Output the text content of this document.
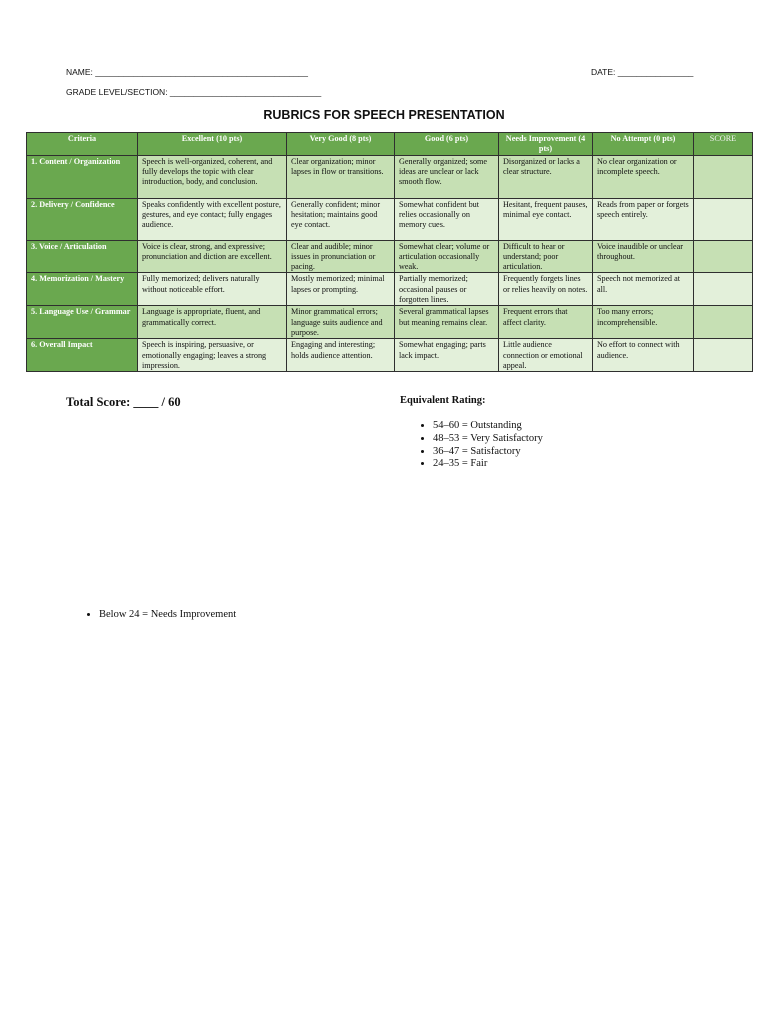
NAME: _____________________________________________	DATE: ________________
GRADE LEVEL/SECTION: ________________________________
RUBRICS FOR SPEECH PRESENTATION
Criteria	Excellent (10 pts)	Very Good (8 pts)	Good (6 pts)	Needs Improvement (4 pts)	No Attempt (0 pts)	SCORE
1. Content / Organization	Speech is well-organized, coherent, and fully develops the topic with clear introduction, body, and conclusion.	Clear organization; minor lapses in flow or transitions.	Generally organized; some ideas are unclear or lack smooth flow.	Disorganized or lacks a clear structure.	No clear organization or incomplete speech.	
2. Delivery / Confidence	Speaks confidently with excellent posture, gestures, and eye contact; fully engages audience.	Generally confident; minor hesitation; maintains good eye contact.	Somewhat confident but relies occasionally on memory cues.	Hesitant, frequent pauses, minimal eye contact.	Reads from paper or forgets speech entirely.	
3. Voice / Articulation	Voice is clear, strong, and expressive; pronunciation and diction are excellent.	Clear and audible; minor issues in pronunciation or pacing.	Somewhat clear; volume or articulation occasionally weak.	Difficult to hear or understand; poor articulation.	Voice inaudible or unclear throughout.	
4. Memorization / Mastery	Fully memorized; delivers naturally without noticeable effort.	Mostly memorized; minimal lapses or prompting.	Partially memorized; occasional pauses or forgotten lines.	Frequently forgets lines or relies heavily on notes.	Speech not memorized at all.	
5. Language Use / Grammar	Language is appropriate, fluent, and grammatically correct.	Minor grammatical errors; language suits audience and purpose.	Several grammatical lapses but meaning remains clear.	Frequent errors that affect clarity.	Too many errors; incomprehensible.	
6. Overall Impact	Speech is inspiring, persuasive, or emotionally engaging; leaves a strong impression.	Engaging and interesting; holds audience attention.	Somewhat engaging; parts lack impact.	Little audience connection or emotional appeal.	No effort to connect with audience.	
Total Score: ____ / 60	Equivalent Rating:
• 54–60 = Outstanding
• 48–53 = Very Satisfactory
• 36–47 = Satisfactory
• 24–35 = Fair
• Below 24 = Needs Improvement
